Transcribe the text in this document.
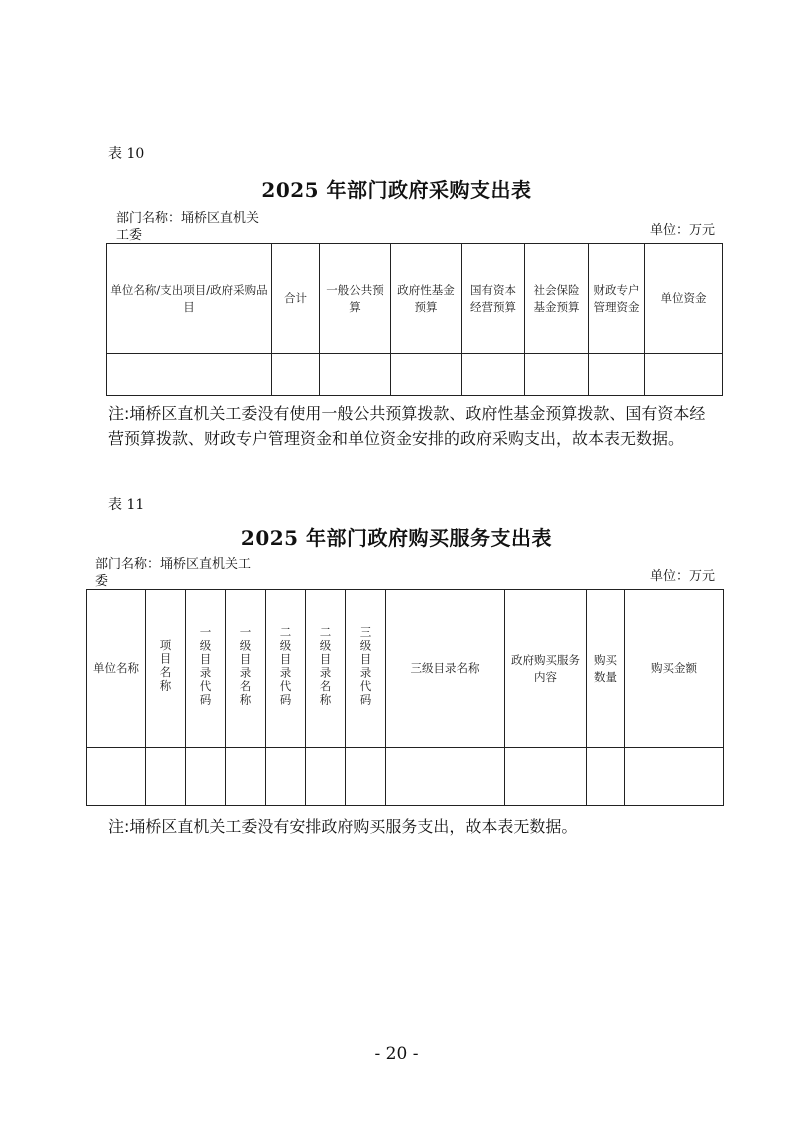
表 10
2025 年部门政府采购支出表
部门名称：埇桥区直机关工委	单位：万元
单位名称/支出项目/政府采购品目	合计	一般公共预算	政府性基金预算	国有资本经营预算	社会保险基金预算	财政专户管理资金	单位资金

注:埇桥区直机关工委没有使用一般公共预算拨款、政府性基金预算拨款、国有资本经营预算拨款、财政专户管理资金和单位资金安排的政府采购支出，故本表无数据。
表 11
2025 年部门政府购买服务支出表
部门名称：埇桥区直机关工委	单位：万元
单位名称	项目名称	一级目录代码	一级目录名称	二级目录代码	二级目录名称	三级目录代码	三级目录名称	政府购买服务内容	购买数量	购买金额

注:埇桥区直机关工委没有安排政府购买服务支出，故本表无数据。
- 20 -
